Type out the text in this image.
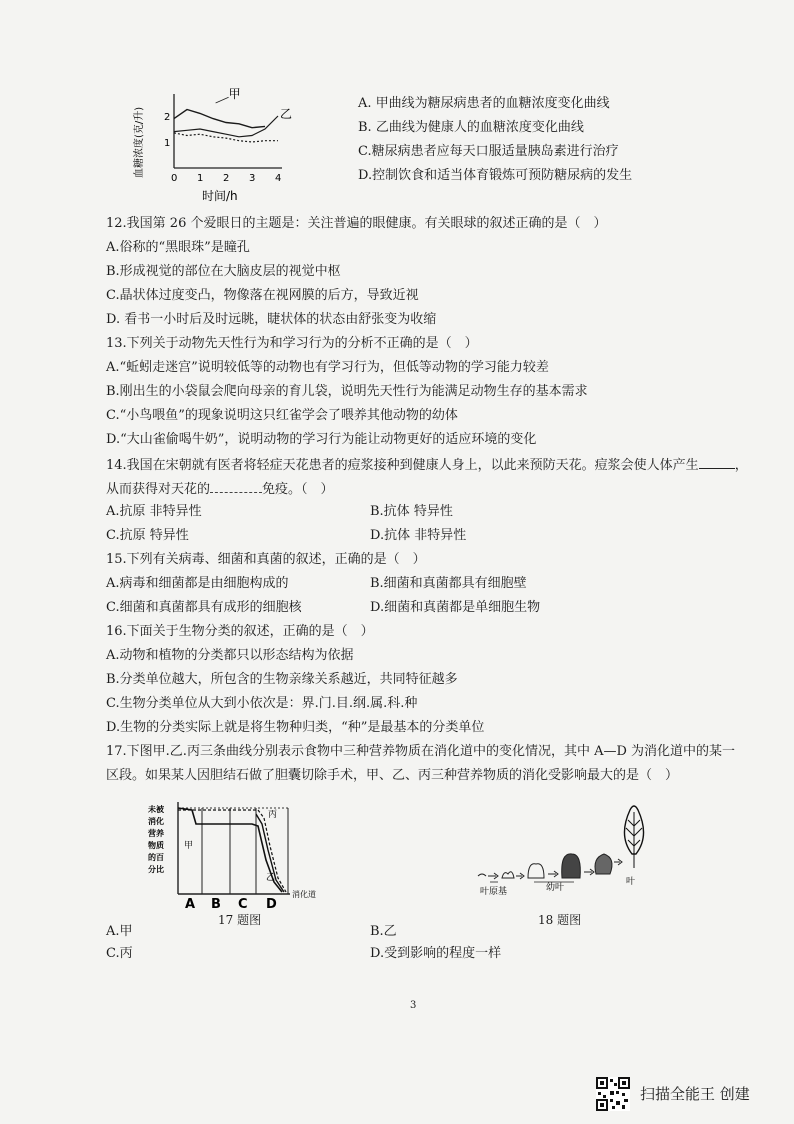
血糖浓度(克/升)
0 1 2 3 4
1
2
甲
乙
时间/h
A. 甲曲线为糖尿病患者的血糖浓度变化曲线
B. 乙曲线为健康人的血糖浓度变化曲线
C.糖尿病患者应每天口服适量胰岛素进行治疗
D.控制饮食和适当体育锻炼可预防糖尿病的发生
12.我国第 26 个爱眼日的主题是：关注普遍的眼健康。有关眼球的叙述正确的是（　）
A.俗称的“黑眼珠”是瞳孔
B.形成视觉的部位在大脑皮层的视觉中枢
C.晶状体过度变凸，物像落在视网膜的后方，导致近视
D. 看书一小时后及时远眺，睫状体的状态由舒张变为收缩
13.下列关于动物先天性行为和学习行为的分析不正确的是（　）
A.“蚯蚓走迷宫”说明较低等的动物也有学习行为，但低等动物的学习能力较差
B.刚出生的小袋鼠会爬向母亲的育儿袋，说明先天性行为能满足动物生存的基本需求
C.“小鸟喂鱼”的现象说明这只红雀学会了喂养其他动物的幼体
D.“大山雀偷喝牛奶”，说明动物的学习行为能让动物更好的适应环境的变化
14.我国在宋朝就有医者将轻症天花患者的痘浆接种到健康人身上，以此来预防天花。痘浆会使人体产生	，
从而获得对天花的	免疫。（　）
A.抗原 非特异性	B.抗体 特异性
C.抗原 特异性	D.抗体 非特异性
15.下列有关病毒、细菌和真菌的叙述，正确的是（　）
A.病毒和细菌都是由细胞构成的	B.细菌和真菌都具有细胞壁
C.细菌和真菌都具有成形的细胞核	D.细菌和真菌都是单细胞生物
16.下面关于生物分类的叙述，正确的是（　）
A.动物和植物的分类都只以形态结构为依据
B.分类单位越大，所包含的生物亲缘关系越近，共同特征越多
C.生物分类单位从大到小依次是：界.门.目.纲.属.科.种
D.生物的分类实际上就是将生物种归类，“种”是最基本的分类单位
17.下图甲.乙.丙三条曲线分别表示食物中三种营养物质在消化道中的变化情况，其中 A—D 为消化道中的某一
区段。如果某人因胆结石做了胆囊切除手术，甲、乙、丙三种营养物质的消化受影响最大的是（　）
未被
消化
营养
物质
的百
分比
甲
乙
丙
消化道
A B C D
17 题图
叶原基	幼叶
叶
18 题图
A.甲	B.乙
C.丙	D.受到影响的程度一样
3
扫描全能王 创建
